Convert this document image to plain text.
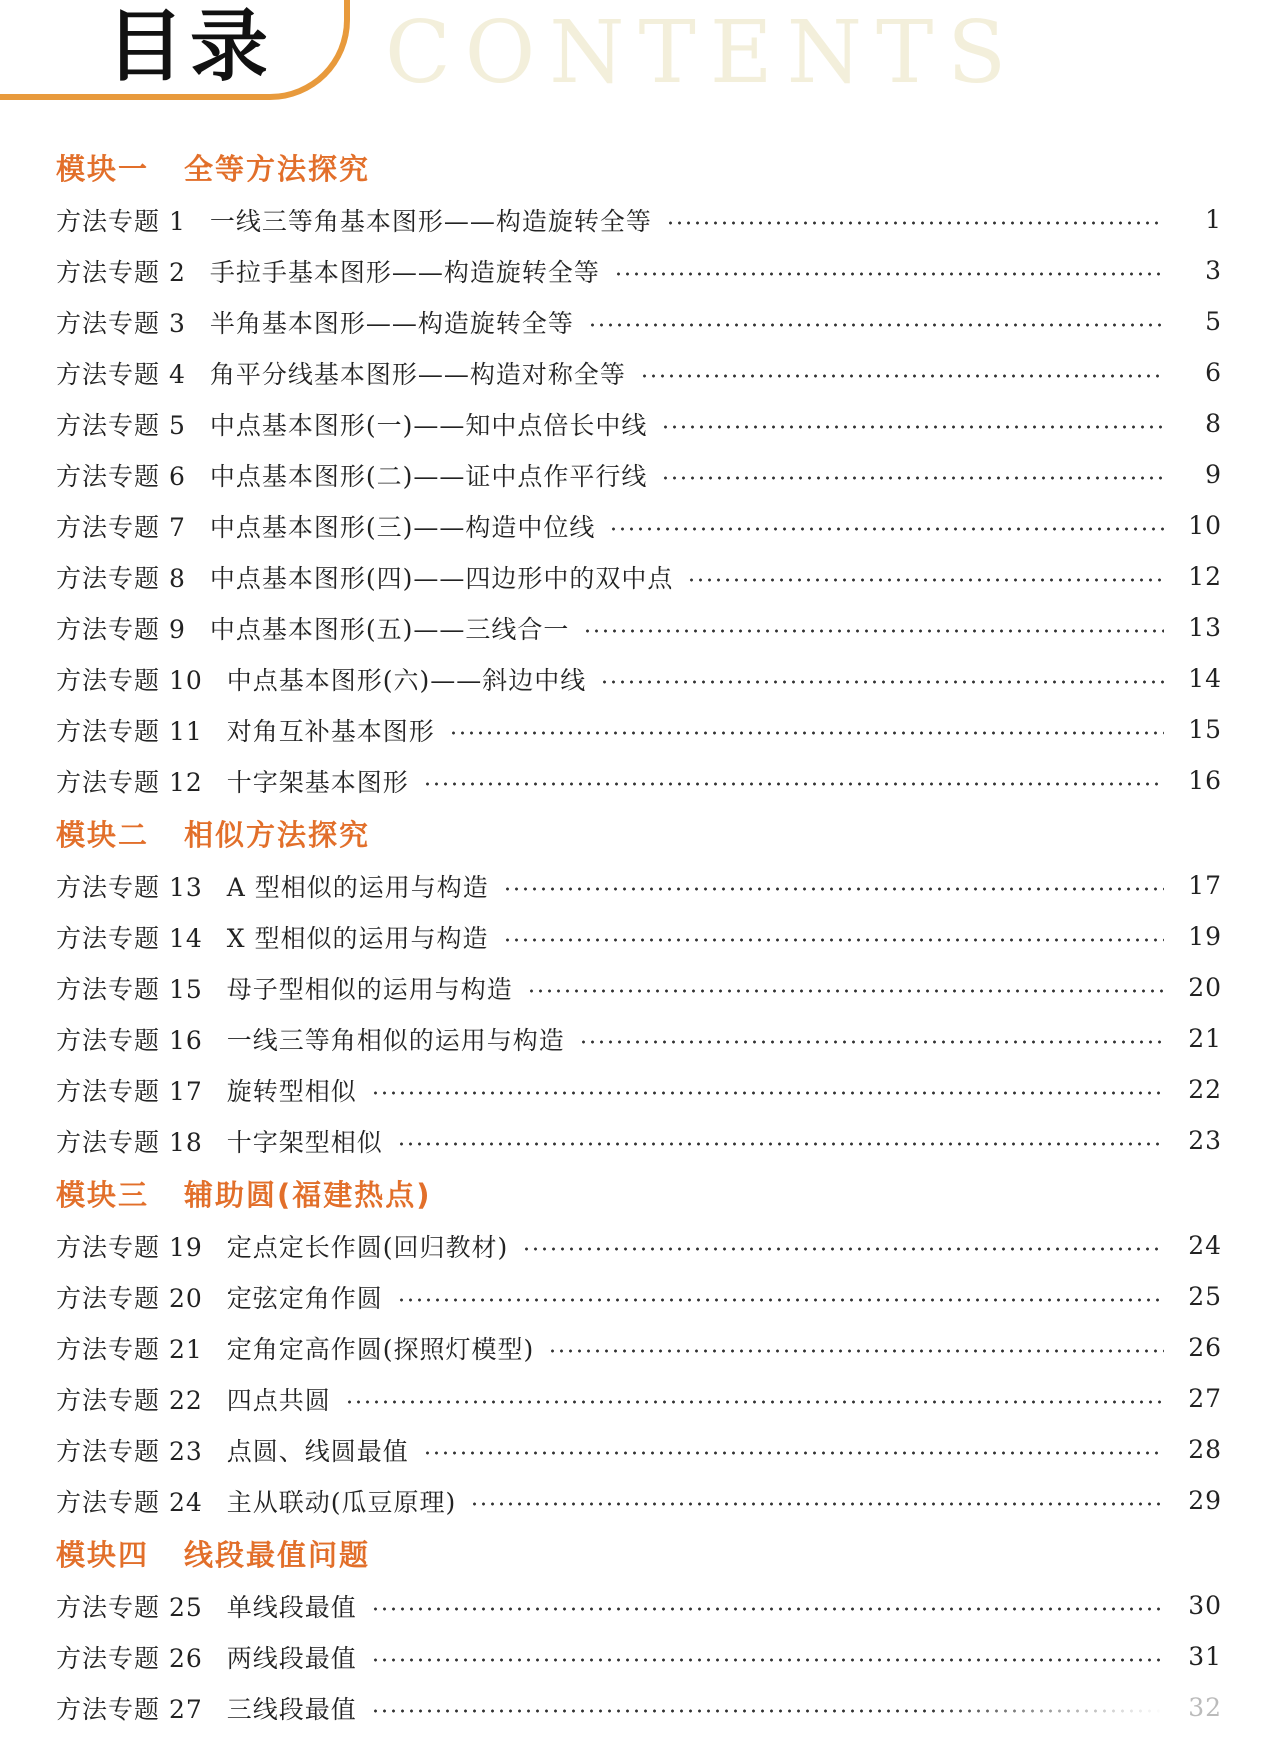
目录 CONTENTS
模块一	全等方法探究
方法专题 1 一线三等角基本图形——构造旋转全等	1
方法专题 2 手拉手基本图形——构造旋转全等	3
方法专题 3 半角基本图形——构造旋转全等	5
方法专题 4 角平分线基本图形——构造对称全等	6
方法专题 5 中点基本图形(一)——知中点倍长中线	8
方法专题 6 中点基本图形(二)——证中点作平行线	9
方法专题 7 中点基本图形(三)——构造中位线	10
方法专题 8 中点基本图形(四)——四边形中的双中点	12
方法专题 9 中点基本图形(五)——三线合一	13
方法专题 10 中点基本图形(六)——斜边中线	14
方法专题 11 对角互补基本图形	15
方法专题 12 十字架基本图形	16
模块二	相似方法探究
方法专题 13 A 型相似的运用与构造	17
方法专题 14 X 型相似的运用与构造	19
方法专题 15 母子型相似的运用与构造	20
方法专题 16 一线三等角相似的运用与构造	21
方法专题 17 旋转型相似	22
方法专题 18 十字架型相似	23
模块三	辅助圆(福建热点)
方法专题 19 定点定长作圆(回归教材)	24
方法专题 20 定弦定角作圆	25
方法专题 21 定角定高作圆(探照灯模型)	26
方法专题 22 四点共圆	27
方法专题 23 点圆、线圆最值	28
方法专题 24 主从联动(瓜豆原理)	29
模块四	线段最值问题
方法专题 25 单线段最值	30
方法专题 26 两线段最值	31
方法专题 27 三线段最值	32
